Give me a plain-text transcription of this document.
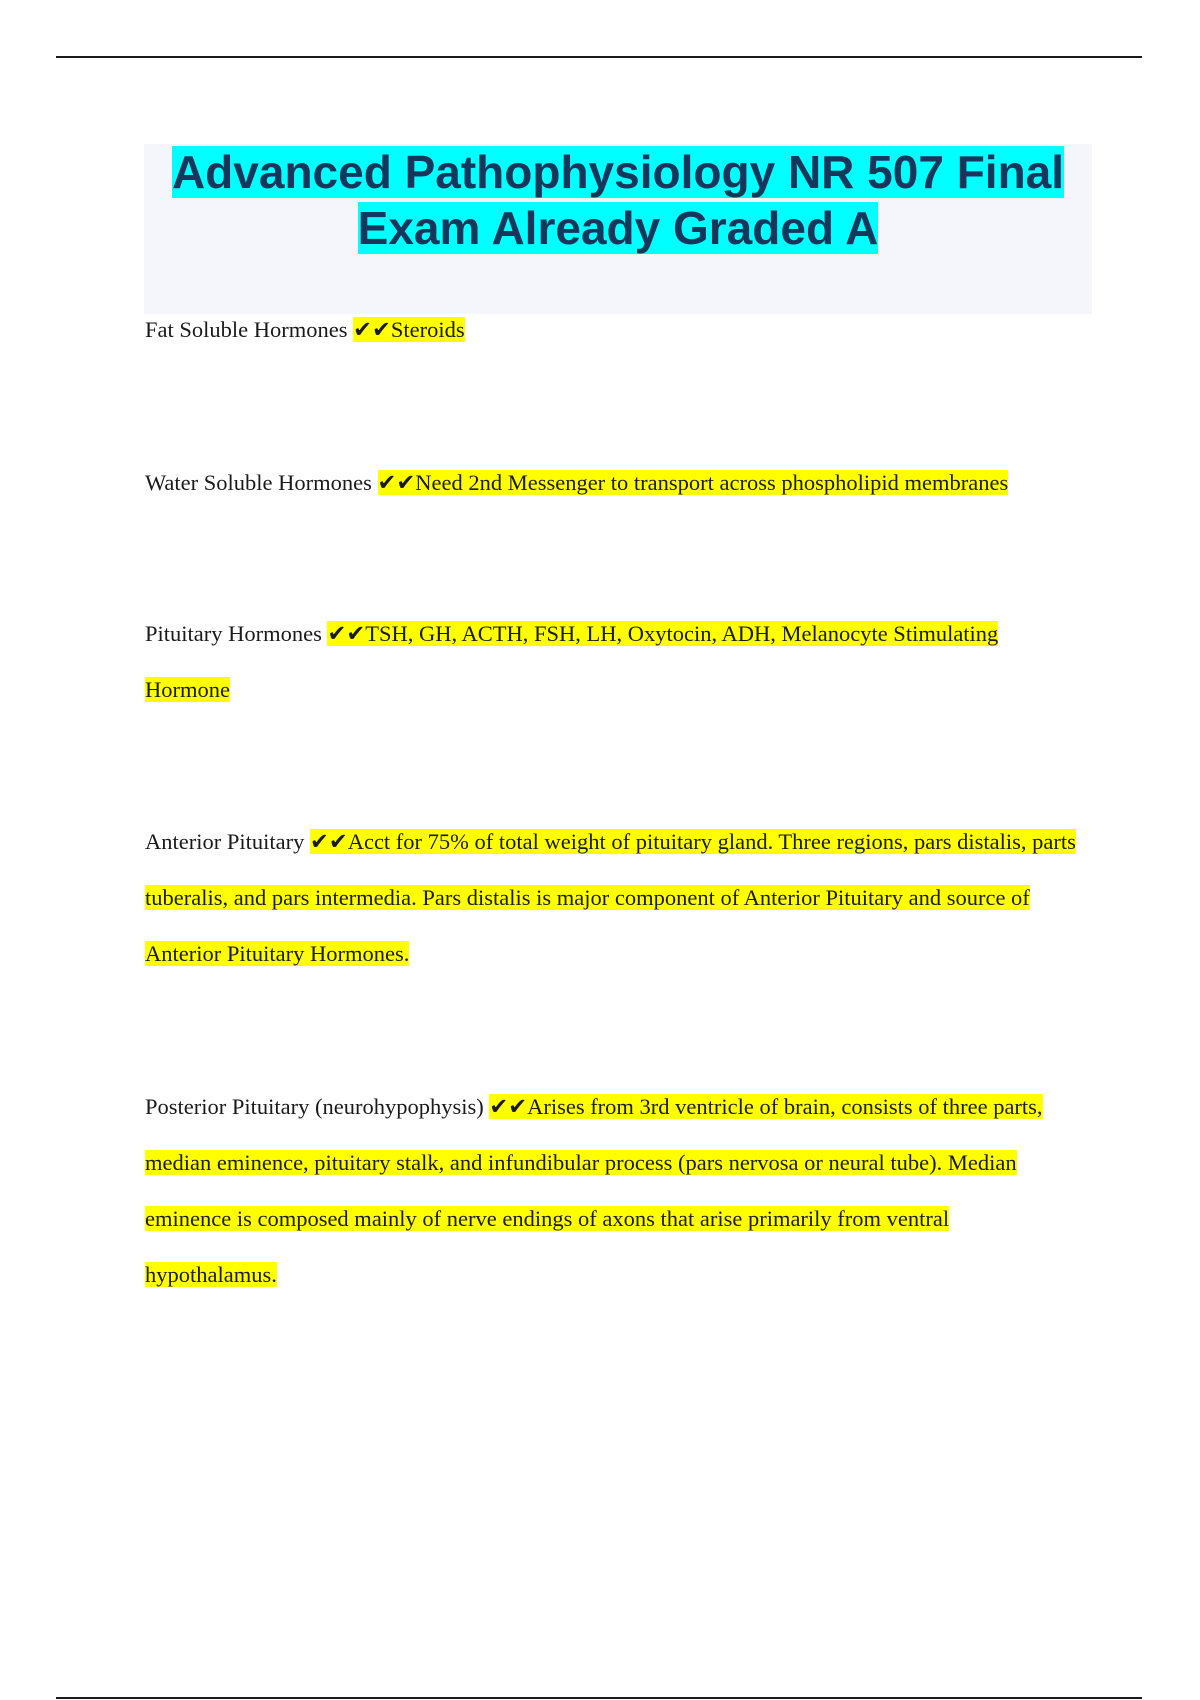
Advanced Pathophysiology NR 507 Final
Exam Already Graded A
Fat Soluble Hormones ✔✔Steroids
Water Soluble Hormones ✔✔Need 2nd Messenger to transport across phospholipid membranes
Pituitary Hormones ✔✔TSH, GH, ACTH, FSH, LH, Oxytocin, ADH, Melanocyte Stimulating Hormone
Anterior Pituitary ✔✔Acct for 75% of total weight of pituitary gland. Three regions, pars distalis, parts tuberalis, and pars intermedia. Pars distalis is major component of Anterior Pituitary and source of Anterior Pituitary Hormones.
Posterior Pituitary (neurohypophysis) ✔✔Arises from 3rd ventricle of brain, consists of three parts, median eminence, pituitary stalk, and infundibular process (pars nervosa or neural tube). Median eminence is composed mainly of nerve endings of axons that arise primarily from ventral hypothalamus.
